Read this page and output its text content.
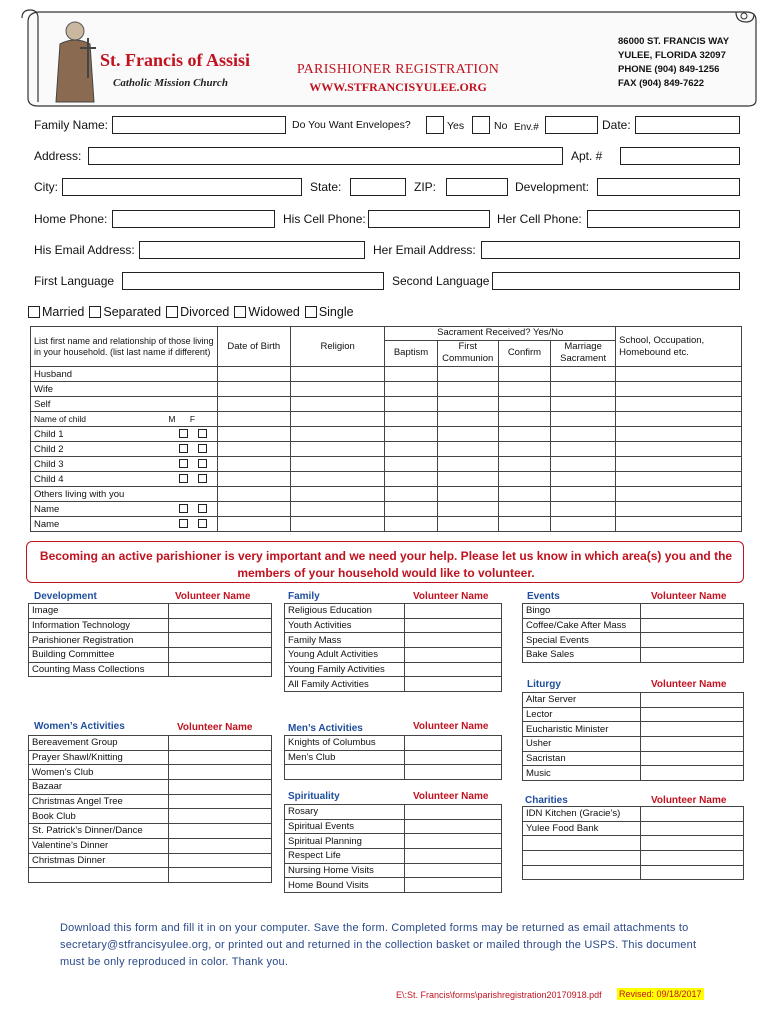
St. Francis of Assisi
Catholic Mission Church
PARISHIONER REGISTRATION
WWW.STFRANCISYULEE.ORG
86000 ST. FRANCIS WAY
YULEE, FLORIDA 32097
PHONE (904) 849-1256
FAX (904) 849-7622
Family Name:	Do You Want Envelopes?	Yes	No Env.#	Date:
Address:	Apt. #
City:	State:	ZIP:	Development:
Home Phone:	His Cell Phone:	Her Cell Phone:
His Email Address:	Her Email Address:
First Language	Second Language
Married Separated Divorced Widowed Single
List first name and relationship of those living in your household. (list last name if different)	Date of Birth	Religion	Sacrament Received? Yes/No				School, Occupation, Homebound etc.
			Baptism	First Communion	Confirm	Marriage Sacrament	
Husband							
Wife							
Self							
Name of child M F							
Child 1

Child 2

Child 3

Child 4

Others living with you							
Name

Name

Becoming an active parishioner is very important and we need your help. Please let us know in which area(s) you and the members of your household would like to volunteer.
Development	Volunteer Name
Image	
Information Technology	
Parishioner Registration	
Building Committee	
Counting Mass Collections	
Family	Volunteer Name
Religious Education	
Youth Activities	
Family Mass	
Young Adult Activities	
Young Family Activities	
All Family Activities	
Events	Volunteer Name
Bingo	
Coffee/Cake After Mass	
Special Events	
Bake Sales	
Liturgy	Volunteer Name
Altar Server	
Lector	
Eucharistic Minister	
Usher	
Sacristan	
Music	
Women’s Activities	Volunteer Name
Bereavement Group	
Prayer Shawl/Knitting	
Women’s Club	
Bazaar	
Christmas Angel Tree	
Book Club	
St. Patrick’s Dinner/Dance	
Valentine’s Dinner	
Christmas Dinner	

Men’s Activities	Volunteer Name
Knights of Columbus	
Men’s Club	

Spirituality	Volunteer Name
Rosary	
Spiritual Events	
Spiritual Planning	
Respect Life	
Nursing Home Visits	
Home Bound Visits	
Charities	Volunteer Name
IDN Kitchen (Gracie’s)	
Yulee Food Bank	

Download this form and fill it in on your computer. Save the form. Completed forms may be returned as email attachments to secretary@stfrancisyulee.org, or printed out and returned in the collection basket or mailed through the USPS. This document must be only reproduced in color. Thank you.
E\:St. Francis\forms\parishregistration20170918.pdf Revised: 09/18/2017
